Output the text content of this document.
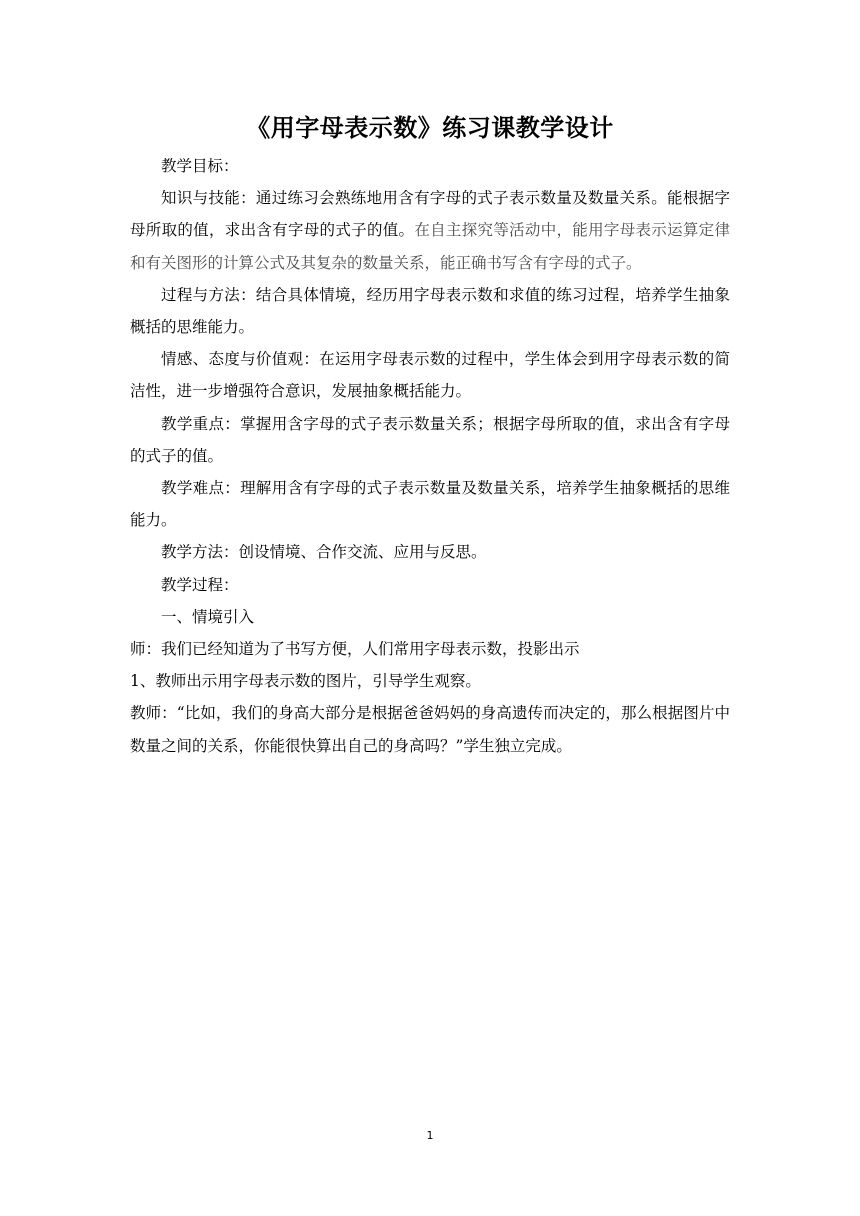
《用字母表示数》练习课教学设计

教学目标：

知识与技能：通过练习会熟练地用含有字母的式子表示数量及数量关系。能根据字母所取的值，求出含有字母的式子的值。在自主探究等活动中，能用字母表示运算定律和有关图形的计算公式及其复杂的数量关系，能正确书写含有字母的式子。

过程与方法：结合具体情境，经历用字母表示数和求值的练习过程，培养学生抽象概括的思维能力。

情感、态度与价值观：在运用字母表示数的过程中，学生体会到用字母表示数的简洁性，进一步增强符合意识，发展抽象概括能力。

教学重点：掌握用含字母的式子表示数量关系；根据字母所取的值，求出含有字母的式子的值。

教学难点：理解用含有字母的式子表示数量及数量关系，培养学生抽象概括的思维能力。

教学方法：创设情境、合作交流、应用与反思。

教学过程：

一、情境引入

师：我们已经知道为了书写方便，人们常用字母表示数，投影出示

1、教师出示用字母表示数的图片，引导学生观察。

教师：“比如，我们的身高大部分是根据爸爸妈妈的身高遗传而决定的，那么根据图片中数量之间的关系，你能很快算出自己的身高吗？”学生独立完成。

1
